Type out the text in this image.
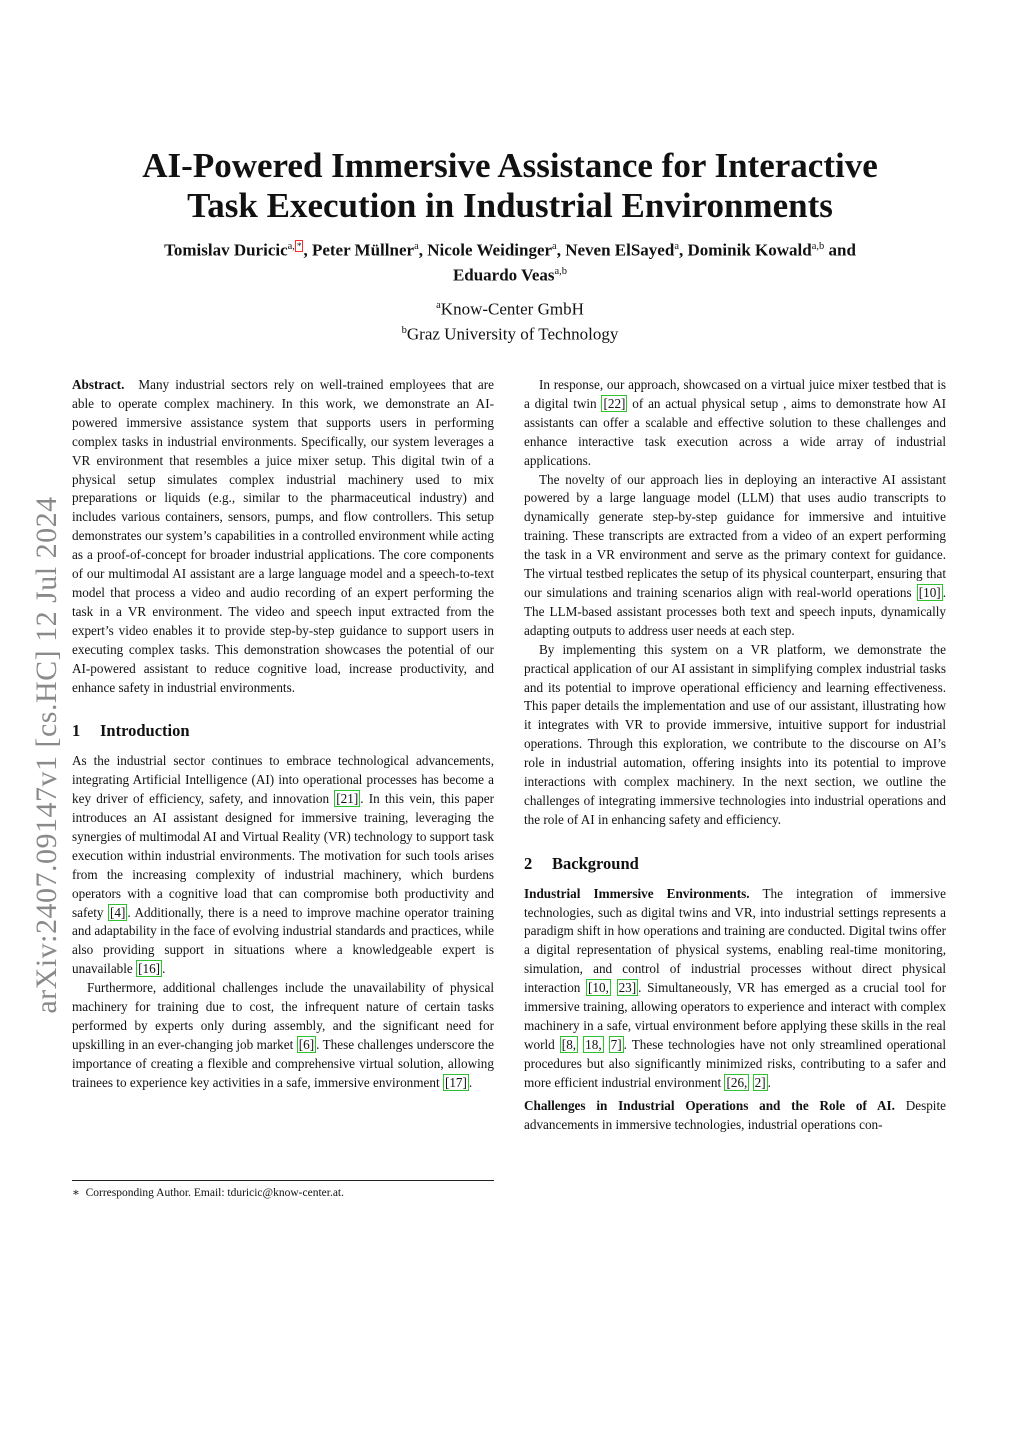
arXiv:2407.09147v1 [cs.HC] 12 Jul 2024
AI-Powered Immersive Assistance for Interactive
Task Execution in Industrial Environments
Tomislav Duricic$^{a, *}$ , Peter Müllner$^a$, Nicole Weidinger$^a$, Neven ElSayed$^a$, Dominik Kowald$^{a,b}$ and
Eduardo Veas$^{a,b}$
$^a$Know-Center GmbH
$^b$Graz University of Technology

Abstract. Many industrial sectors rely on well-trained employees that are able to operate complex machinery. In this work, we demonstrate an AI-powered immersive assistance system that supports users in performing complex tasks in industrial environments. Specifically, our system leverages a VR environment that resembles a juice mixer setup. This digital twin of a physical setup simulates complex industrial machinery used to mix preparations or liquids (e.g., similar to the pharmaceutical industry) and includes various containers, sensors, pumps, and flow controllers. This setup demonstrates our system’s capabilities in a controlled environment while acting as a proof-of-concept for broader industrial applications. The core components of our multimodal AI assistant are a large language model and a speech-to-text model that process a video and audio recording of an expert performing the task in a VR environment. The video and speech input extracted from the expert’s video enables it to provide step-by-step guidance to support users in executing complex tasks. This demonstration showcases the potential of our AI-powered assistant to reduce cognitive load, increase productivity, and enhance safety in industrial environments.

1 Introduction

As the industrial sector continues to embrace technological advancements, integrating Artificial Intelligence (AI) into operational processes has become a key driver of efficiency, safety, and innovation [21] . In this vein, this paper introduces an AI assistant designed for immersive training, leveraging the synergies of multimodal AI and Virtual Reality (VR) technology to support task execution within industrial environments. The motivation for such tools arises from the increasing complexity of industrial machinery, which burdens operators with a cognitive load that can compromise both productivity and safety [4] . Additionally, there is a need to improve machine operator training and adaptability in the face of evolving industrial standards and practices, while also providing support in situations where a knowledgeable expert is unavailable [16] .

Furthermore, additional challenges include the unavailability of physical machinery for training due to cost, the infrequent nature of certain tasks performed by experts only during assembly, and the significant need for upskilling in an ever-changing job market [6] . These challenges underscore the importance of creating a flexible and comprehensive virtual solution, allowing trainees to experience key activities in a safe, immersive environment [17] .

∗ Corresponding Author. Email: tduricic@know-center.at.

In response, our approach, showcased on a virtual juice mixer testbed that is a digital twin [22] of an actual physical setup , aims to demonstrate how AI assistants can offer a scalable and effective solution to these challenges and enhance interactive task execution across a wide array of industrial applications.

The novelty of our approach lies in deploying an interactive AI assistant powered by a large language model (LLM) that uses audio transcripts to dynamically generate step-by-step guidance for immersive and intuitive training. These transcripts are extracted from a video of an expert performing the task in a VR environment and serve as the primary context for guidance. The virtual testbed replicates the setup of its physical counterpart, ensuring that our simulations and training scenarios align with real-world operations [10] . The LLM-based assistant processes both text and speech inputs, dynamically adapting outputs to address user needs at each step.

By implementing this system on a VR platform, we demonstrate the practical application of our AI assistant in simplifying complex industrial tasks and its potential to improve operational efficiency and learning effectiveness. This paper details the implementation and use of our assistant, illustrating how it integrates with VR to provide immersive, intuitive support for industrial operations. Through this exploration, we contribute to the discourse on AI’s role in industrial automation, offering insights into its potential to improve interactions with complex machinery. In the next section, we outline the challenges of integrating immersive technologies into industrial operations and the role of AI in enhancing safety and efficiency.

2 Background

Industrial Immersive Environments. The integration of immersive technologies, such as digital twins and VR, into industrial settings represents a paradigm shift in how operations and training are conducted. Digital twins offer a digital representation of physical systems, enabling real-time monitoring, simulation, and control of industrial processes without direct physical interaction [10, 23] . Simultaneously, VR has emerged as a crucial tool for immersive training, allowing operators to experience and interact with complex machinery in a safe, virtual environment before applying these skills in the real world [8, 18, 7] . These technologies have not only streamlined operational procedures but also significantly minimized risks, contributing to a safer and more efficient industrial environment [26, 2] .

Challenges in Industrial Operations and the Role of AI. Despite advancements in immersive technologies, industrial operations con-
